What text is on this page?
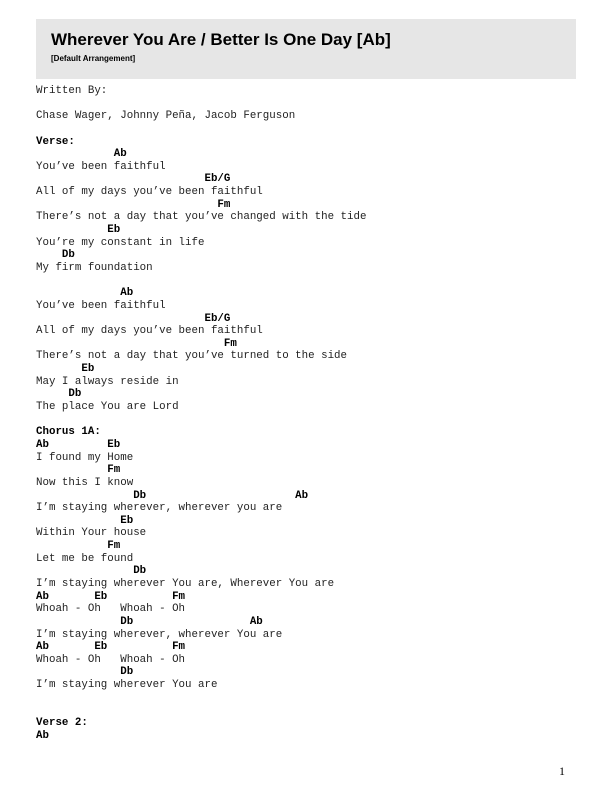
Wherever You Are / Better Is One Day [Ab]
[Default Arrangement]
Written By:
Chase Wager, Johnny Peña, Jacob Ferguson
Verse:
Ab
You’ve been faithful
Eb/G
All of my days you’ve been faithful
Fm
There’s not a day that you’ve changed with the tide
Eb
You’re my constant in life
Db
My firm foundation
Ab
You’ve been faithful
Eb/G
All of my days you’ve been faithful
Fm
There’s not a day that you’ve turned to the side
Eb
May I always reside in
Db
The place You are Lord
Chorus 1A:
Ab         Eb
I found my Home
Fm
Now this I know
Db                       Ab
I’m staying wherever, wherever you are
Eb
Within Your house
Fm
Let me be found
Db
I’m staying wherever You are, Wherever You are
Ab       Eb          Fm
Whoah - Oh   Whoah - Oh
Db                  Ab
I’m staying wherever, wherever You are
Ab       Eb          Fm
Whoah - Oh   Whoah - Oh
Db
I’m staying wherever You are
Verse 2:
Ab
1
